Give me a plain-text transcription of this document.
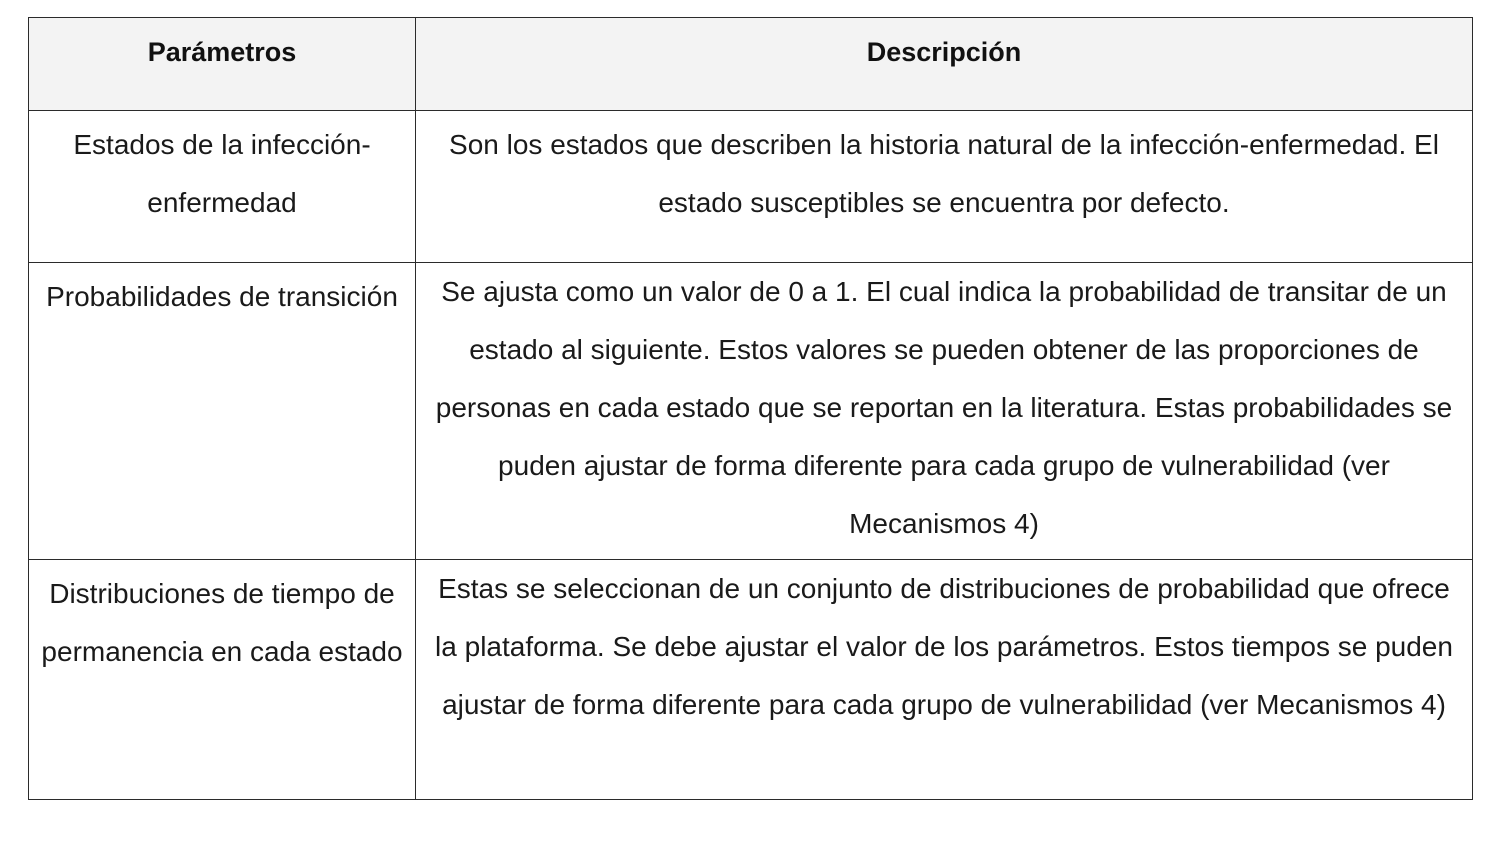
Parámetros	Descripción
Estados de la infección-enfermedad	Son los estados que describen la historia natural de la infección-enfermedad. El estado susceptibles se encuentra por defecto.
Probabilidades de transición	Se ajusta como un valor de 0 a 1. El cual indica la probabilidad de transitar de un estado al siguiente. Estos valores se pueden obtener de las proporciones de personas en cada estado que se reportan en la literatura. Estas probabilidades se puden ajustar de forma diferente para cada grupo de vulnerabilidad (ver Mecanismos 4)
Distribuciones de tiempo de permanencia en cada estado	Estas se seleccionan de un conjunto de distribuciones de probabilidad que ofrece la plataforma. Se debe ajustar el valor de los parámetros. Estos tiempos se puden ajustar de forma diferente para cada grupo de vulnerabilidad (ver Mecanismos 4)
